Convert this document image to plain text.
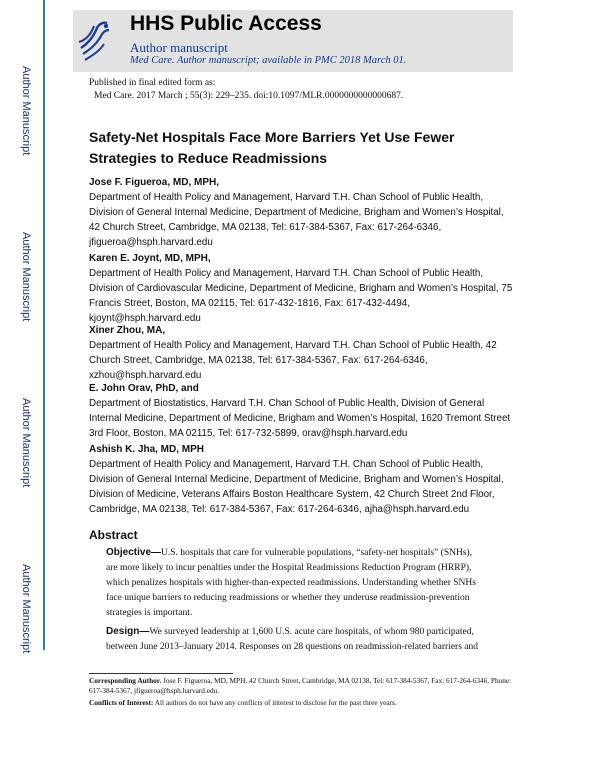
Author Manuscript
Author Manuscript
Author Manuscript
Author Manuscript
HHS Public Access
Author manuscript
Med Care. Author manuscript; available in PMC 2018 March 01.
Published in final edited form as:
Med Care. 2017 March ; 55(3): 229–235. doi:10.1097/MLR.0000000000000687.
Safety-Net Hospitals Face More Barriers Yet Use Fewer
Strategies to Reduce Readmissions
Jose F. Figueroa, MD, MPH,
Department of Health Policy and Management, Harvard T.H. Chan School of Public Health,
Division of General Internal Medicine, Department of Medicine, Brigham and Women’s Hospital,
42 Church Street, Cambridge, MA 02138, Tel: 617-384-5367, Fax: 617-264-6346,
jfigueroa@hsph.harvard.edu
Karen E. Joynt, MD, MPH,
Department of Health Policy and Management, Harvard T.H. Chan School of Public Health,
Division of Cardiovascular Medicine, Department of Medicine, Brigham and Women’s Hospital, 75
Francis Street, Boston, MA 02115, Tel: 617-432-1816, Fax: 617-432-4494,
kjoynt@hsph.harvard.edu
Xiner Zhou, MA,
Department of Health Policy and Management, Harvard T.H. Chan School of Public Health, 42
Church Street, Cambridge, MA 02138, Tel: 617-384-5367, Fax: 617-264-6346,
xzhou@hsph.harvard.edu
E. John Orav, PhD, and
Department of Biostatistics, Harvard T.H. Chan School of Public Health, Division of General
Internal Medicine, Department of Medicine, Brigham and Women’s Hospital, 1620 Tremont Street
3rd Floor, Boston, MA 02115, Tel: 617-732-5899, orav@hsph.harvard.edu
Ashish K. Jha, MD, MPH
Department of Health Policy and Management, Harvard T.H. Chan School of Public Health,
Division of General Internal Medicine, Department of Medicine, Brigham and Women’s Hospital,
Division of Medicine, Veterans Affairs Boston Healthcare System, 42 Church Street 2nd Floor,
Cambridge, MA 02138, Tel: 617-384-5367, Fax: 617-264-6346, ajha@hsph.harvard.edu
Abstract
Objective—U.S. hospitals that care for vulnerable populations, “safety-net hospitals” (SNHs),
are more likely to incur penalties under the Hospital Readmissions Reduction Program (HRRP),
which penalizes hospitals with higher-than-expected readmissions. Understanding whether SNHs
face unique barriers to reducing readmissions or whether they underuse readmission-prevention
strategies is important.
Design—We surveyed leadership at 1,600 U.S. acute care hospitals, of whom 980 participated,
between June 2013–January 2014. Responses on 28 questions on readmission-related barriers and
Corresponding Author. Jose F. Figueroa, MD, MPH, 42 Church Street, Cambridge, MA 02138, Tel: 617-384-5367, Fax: 617-264-6346, Phone:
617-384-5367, jfigueroa@hsph.harvard.edu.
Conflicts of Interest: All authors do not have any conflicts of interest to disclose for the past three years.
